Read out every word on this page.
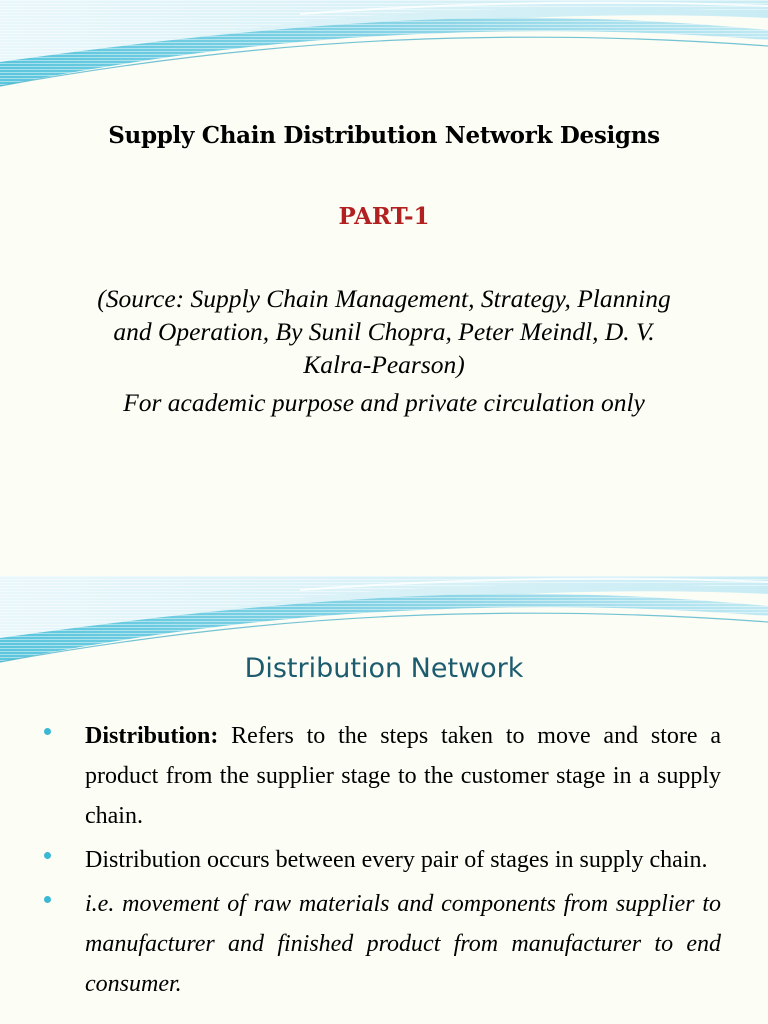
Supply Chain Distribution Network Designs
PART-1
(Source: Supply Chain Management, Strategy, Planning
and Operation, By Sunil Chopra, Peter Meindl, D. V.
Kalra-Pearson)
For academic purpose and private circulation only
Distribution Network
Distribution: Refers to the steps taken to move and store a product from the supplier stage to the customer stage in a supply chain.
Distribution occurs between every pair of stages in supply chain.
i.e. movement of raw materials and components from supplier to manufacturer and finished product from manufacturer to end consumer.
